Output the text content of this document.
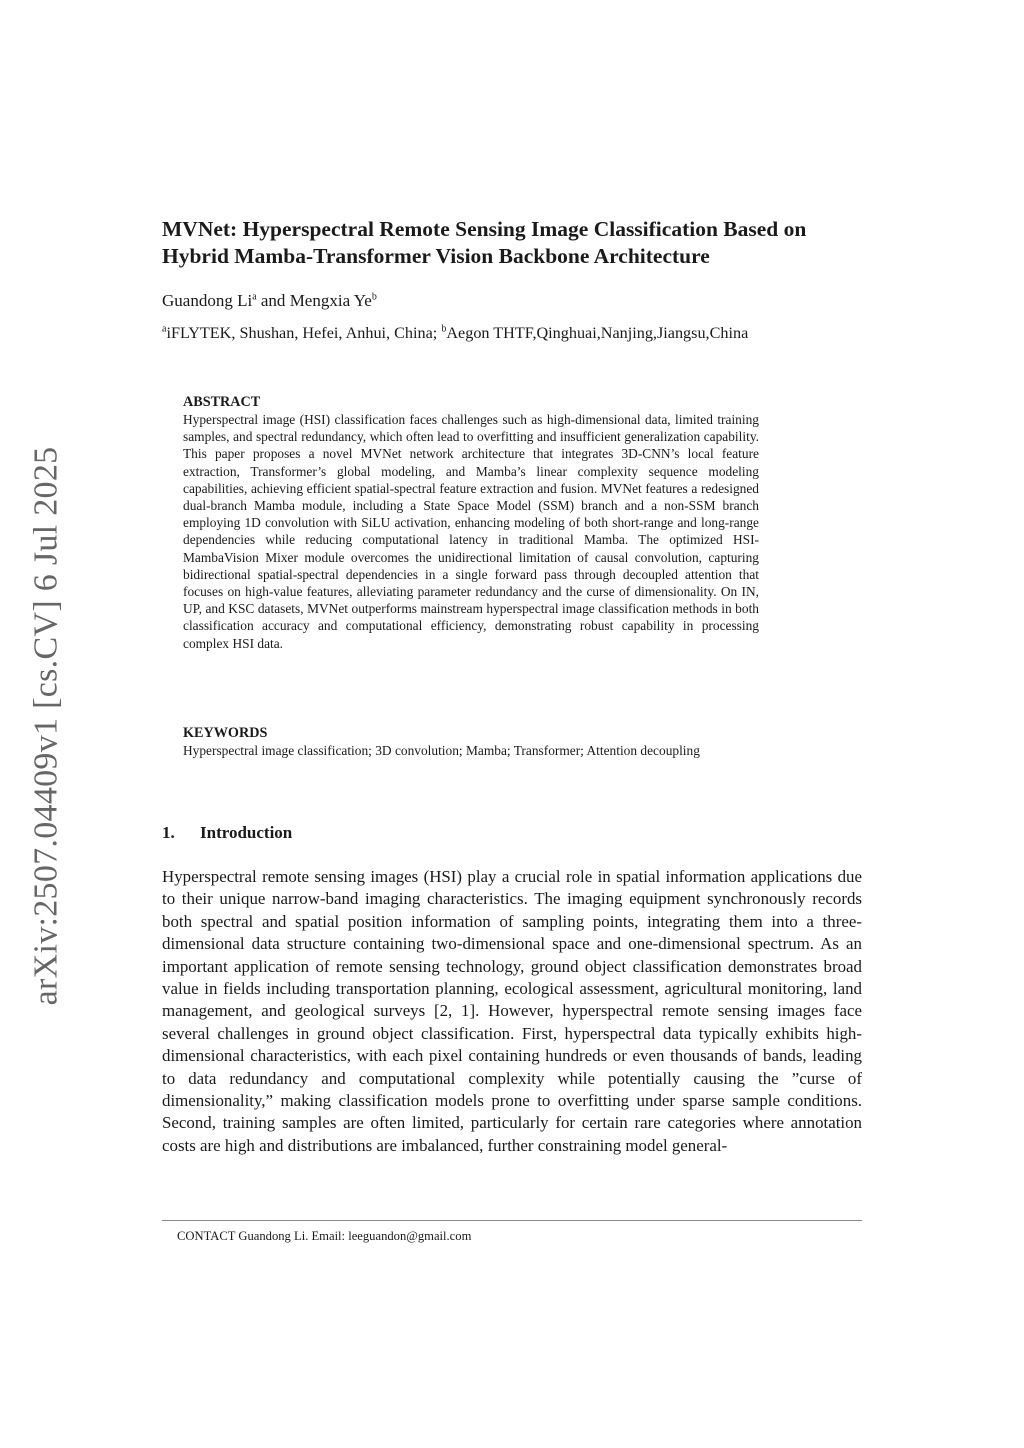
arXiv:2507.04409v1 [cs.CV] 6 Jul 2025
MVNet: Hyperspectral Remote Sensing Image Classification Based on Hybrid Mamba-Transformer Vision Backbone Architecture
Guandong Li$^a$ and Mengxia Ye$^b$
$^a$iFLYTEK, Shushan, Hefei, Anhui, China; $^b$Aegon THTF,Qinghuai,Nanjing,Jiangsu,China
ABSTRACT

Hyperspectral image (HSI) classification faces challenges such as high-dimensional data, limited training samples, and spectral redundancy, which often lead to overfitting and insufficient generalization capability. This paper proposes a novel MVNet network architecture that integrates 3D-CNN’s local feature extraction, Transformer’s global modeling, and Mamba’s linear complexity sequence modeling capabilities, achieving efficient spatial-spectral feature extraction and fusion. MVNet features a redesigned dual-branch Mamba module, including a State Space Model (SSM) branch and a non-SSM branch employing 1D convolution with SiLU activation, enhancing modeling of both short-range and long-range dependencies while reducing computational latency in traditional Mamba. The optimized HSI-MambaVision Mixer module overcomes the unidirectional limitation of causal convolution, capturing bidirectional spatial-spectral dependencies in a single forward pass through decoupled attention that focuses on high-value features, alleviating parameter redundancy and the curse of dimensionality. On IN, UP, and KSC datasets, MVNet outperforms mainstream hyperspectral image classification methods in both classification accuracy and computational efficiency, demonstrating robust capability in processing complex HSI data.

KEYWORDS

Hyperspectral image classification; 3D convolution; Mamba; Transformer; Attention decoupling

1. Introduction

Hyperspectral remote sensing images (HSI) play a crucial role in spatial information applications due to their unique narrow-band imaging characteristics. The imaging equipment synchronously records both spectral and spatial position information of sampling points, integrating them into a three-dimensional data structure containing two-dimensional space and one-dimensional spectrum. As an important application of remote sensing technology, ground object classification demonstrates broad value in fields including transportation planning, ecological assessment, agricultural monitoring, land management, and geological surveys [2, 1]. However, hyperspectral remote sensing images face several challenges in ground object classification. First, hyperspectral data typically exhibits high-dimensional characteristics, with each pixel containing hundreds or even thousands of bands, leading to data redundancy and computational complexity while potentially causing the ”curse of dimensionality,” making classification models prone to overfitting under sparse sample conditions. Second, training samples are often limited, particularly for certain rare categories where annotation costs are high and distributions are imbalanced, further constraining model general-

CONTACT Guandong Li. Email: leeguandon@gmail.com
